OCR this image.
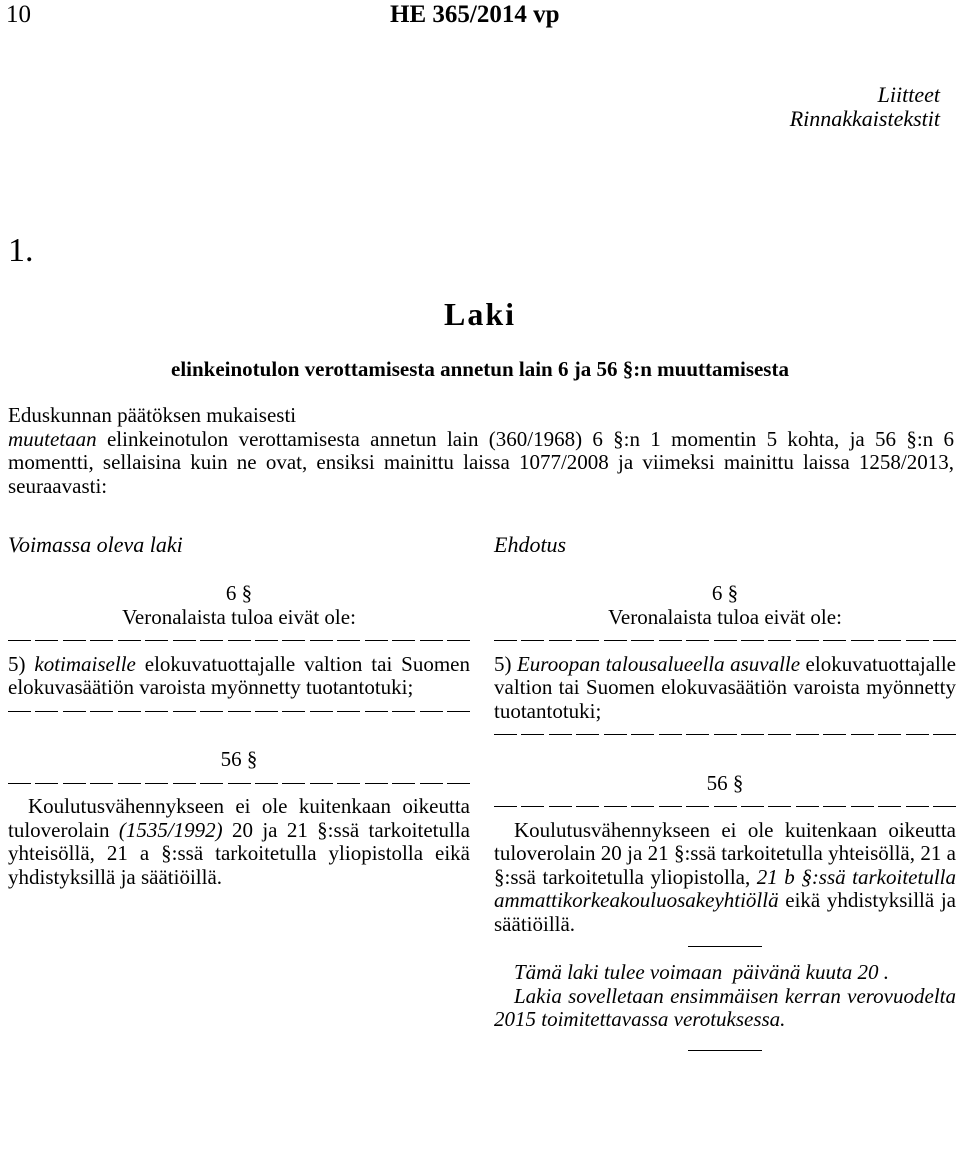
10	HE 365/2014 vp
Liitteet
Rinnakkaistekstit
1.
Laki
elinkeinotulon verottamisesta annetun lain 6 ja 56 §:n muuttamisesta

Eduskunnan päätöksen mukaisesti

muutetaan elinkeinotulon verottamisesta annetun lain (360/1968) 6 §:n 1 momentin 5 kohta, ja 56 §:n 6 momentti, sellaisina kuin ne ovat, ensiksi mainittu laissa 1077/2008 ja viimeksi mainittu laissa 1258/2013, seuraavasti:

Voimassa oleva laki
6 §
Veronalaista tuloa eivät ole:

5) kotimaiselle elokuvatuottajalle valtion tai Suomen elokuvasäätiön varoista myönnetty tuotantotuki;

56 §

Koulutusvähennykseen ei ole kuitenkaan oikeutta tuloverolain (1535/1992) 20 ja 21 §:ssä tarkoitetulla yhteisöllä, 21 a §:ssä tarkoitetulla yliopistolla eikä yhdistyksillä ja säätiöillä.

Ehdotus
6 §
Veronalaista tuloa eivät ole:

5) Euroopan talousalueella asuvalle elokuvatuottajalle valtion tai Suomen elokuvasäätiön varoista myönnetty tuotantotuki;

56 §

Koulutusvähennykseen ei ole kuitenkaan oikeutta tuloverolain 20 ja 21 §:ssä tarkoitetulla yhteisöllä, 21 a §:ssä tarkoitetulla yliopistolla, 21 b §:ssä tarkoitetulla ammattikorkeakouluosakeyhtiöllä eikä yhdistyksillä ja säätiöillä.

Tämä laki tulee voimaan  päivänä kuuta 20 .

Lakia sovelletaan ensimmäisen kerran verovuodelta 2015 toimitettavassa verotuksessa.
